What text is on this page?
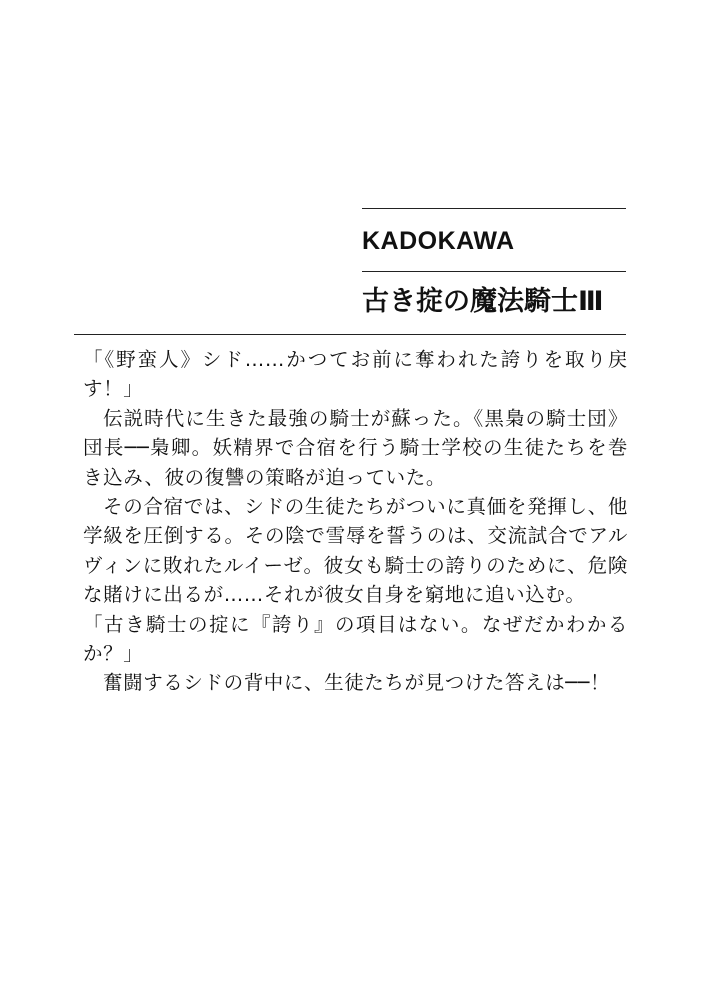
KADOKAWA
古き掟の魔法騎士Ⅲ

「《野蛮人》シド……かつてお前に奪われた誇りを取り戻す！」

伝説時代に生きた最強の騎士が蘇った。《黒梟の騎士団》団長──梟卿。妖精界で合宿を行う騎士学校の生徒たちを巻き込み、彼の復讐の策略が迫っていた。

その合宿では、シドの生徒たちがついに真価を発揮し、他学級を圧倒する。その陰で雪辱を誓うのは、交流試合でアルヴィンに敗れたルイーゼ。彼女も騎士の誇りのために、危険な賭けに出るが……それが彼女自身を窮地に追い込む。

「古き騎士の掟に『誇り』の項目はない。なぜだかわかるか？」

奮闘するシドの背中に、生徒たちが見つけた答えは──！
